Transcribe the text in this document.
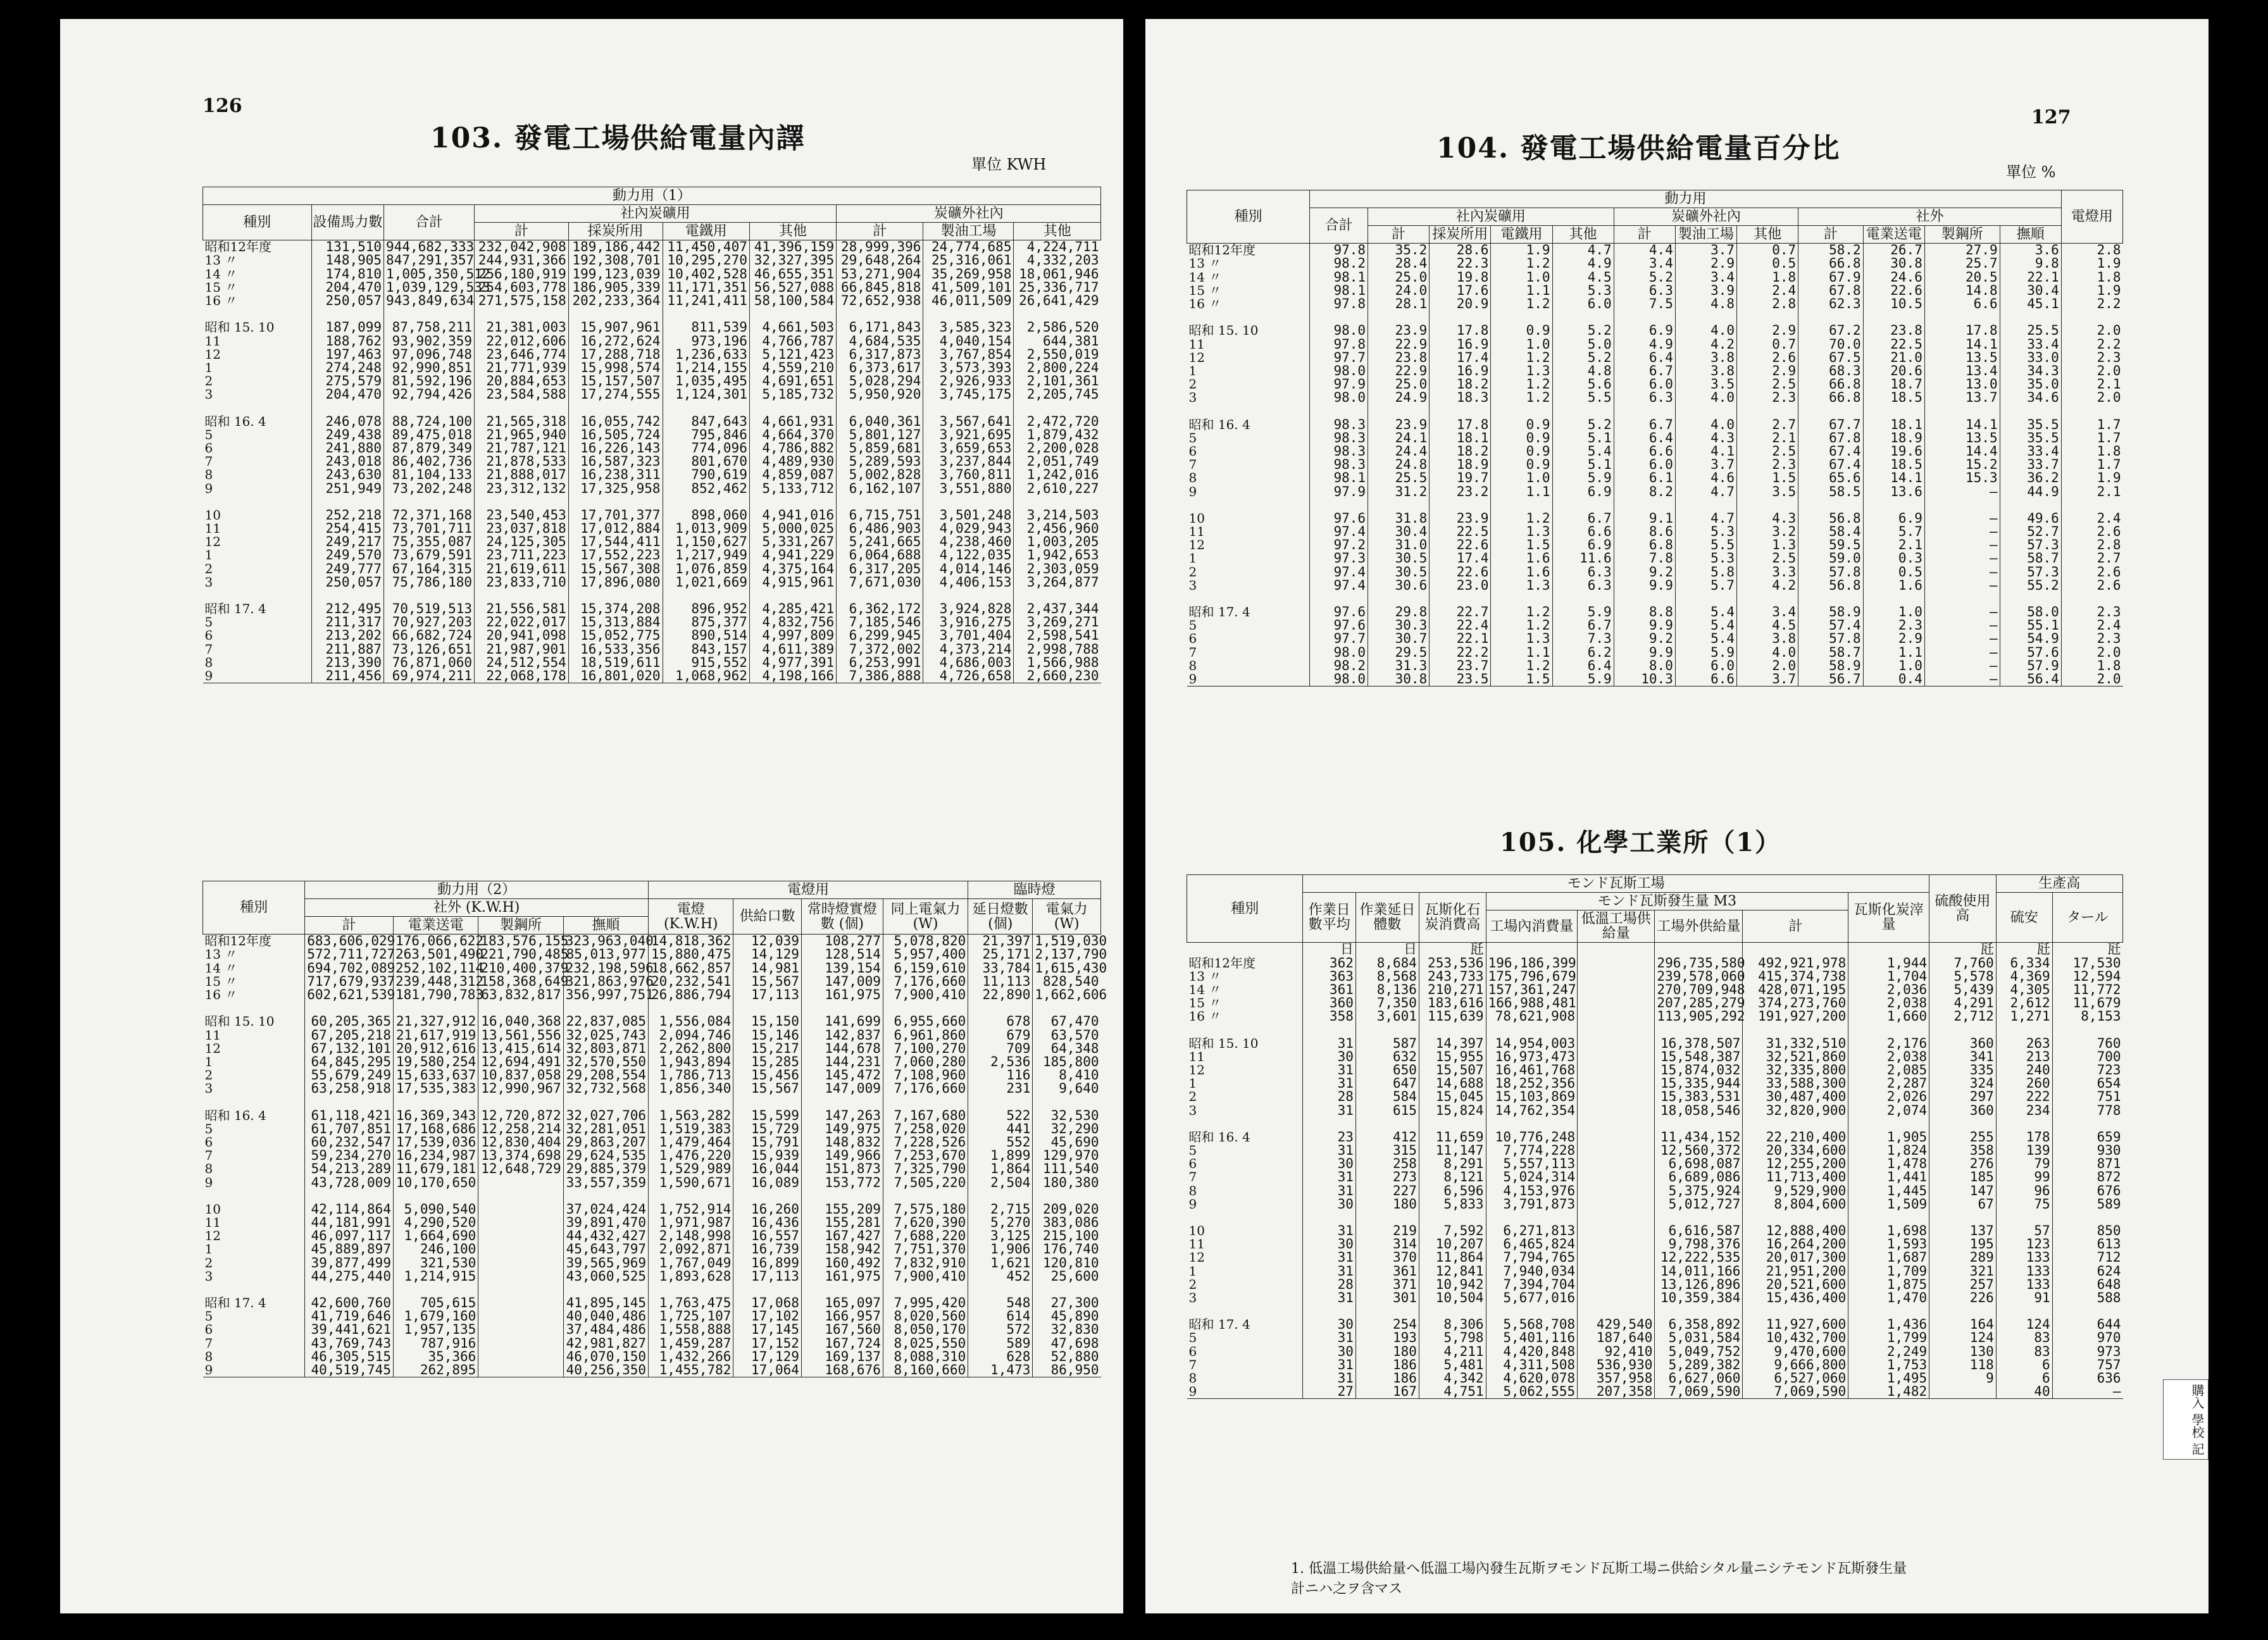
126
103. 發電工場供給電量內譯
單位 KWH
動力用（1）									
種別	設備馬力數	合計	社內炭礦用				炭礦外社內		
			計	採炭所用	電鐵用	其他	計	製油工場	其他
昭和12年度	131,510	944,682,333	232,042,908	189,186,442	11,450,407	41,396,159	28,999,396	24,774,685	4,224,711
13 〃	148,905	847,291,357	244,931,366	192,308,701	10,295,270	32,327,395	29,648,264	25,316,061	4,332,203
14 〃	174,810	1,005,350,512	256,180,919	199,123,039	10,402,528	46,655,351	53,271,904	35,269,958	18,061,946
15 〃	204,470	1,039,129,533	254,603,778	186,905,339	11,171,351	56,527,088	66,845,818	41,509,101	25,336,717
16 〃	250,057	943,849,634	271,575,158	202,233,364	11,241,411	58,100,584	72,652,938	46,011,509	26,641,429

昭和 15. 10	187,099	87,758,211	21,381,003	15,907,961	811,539	4,661,503	6,171,843	3,585,323	2,586,520
11	188,762	93,902,359	22,012,606	16,272,624	973,196	4,766,787	4,684,535	4,040,154	644,381
12	197,463	97,096,748	23,646,774	17,288,718	1,236,633	5,121,423	6,317,873	3,767,854	2,550,019
1	274,248	92,990,851	21,771,939	15,998,574	1,214,155	4,559,210	6,373,617	3,573,393	2,800,224
2	275,579	81,592,196	20,884,653	15,157,507	1,035,495	4,691,651	5,028,294	2,926,933	2,101,361
3	204,470	92,794,426	23,584,588	17,274,555	1,124,301	5,185,732	5,950,920	3,745,175	2,205,745

昭和 16. 4	246,078	88,724,100	21,565,318	16,055,742	847,643	4,661,931	6,040,361	3,567,641	2,472,720
5	249,438	89,475,018	21,965,940	16,505,724	795,846	4,664,370	5,801,127	3,921,695	1,879,432
6	241,880	87,879,349	21,787,121	16,226,143	774,096	4,786,882	5,859,681	3,659,653	2,200,028
7	243,018	86,402,736	21,878,533	16,587,323	801,670	4,489,930	5,289,593	3,237,844	2,051,749
8	243,630	81,104,133	21,888,017	16,238,311	790,619	4,859,087	5,002,828	3,760,811	1,242,016
9	251,949	73,202,248	23,312,132	17,325,958	852,462	5,133,712	6,162,107	3,551,880	2,610,227

10	252,218	72,371,168	23,540,453	17,701,377	898,060	4,941,016	6,715,751	3,501,248	3,214,503
11	254,415	73,701,711	23,037,818	17,012,884	1,013,909	5,000,025	6,486,903	4,029,943	2,456,960
12	249,217	75,355,087	24,125,305	17,544,411	1,150,627	5,331,267	5,241,665	4,238,460	1,003,205
1	249,570	73,679,591	23,711,223	17,552,223	1,217,949	4,941,229	6,064,688	4,122,035	1,942,653
2	249,777	67,164,315	21,619,611	15,567,308	1,076,859	4,375,164	6,317,205	4,014,146	2,303,059
3	250,057	75,786,180	23,833,710	17,896,080	1,021,669	4,915,961	7,671,030	4,406,153	3,264,877

昭和 17. 4	212,495	70,519,513	21,556,581	15,374,208	896,952	4,285,421	6,362,172	3,924,828	2,437,344
5	211,317	70,927,203	22,022,017	15,313,884	875,377	4,832,756	7,185,546	3,916,275	3,269,271
6	213,202	66,682,724	20,941,098	15,052,775	890,514	4,997,809	6,299,945	3,701,404	2,598,541
7	211,887	73,126,651	21,987,901	16,533,356	843,157	4,611,389	7,372,002	4,373,214	2,998,788
8	213,390	76,871,060	24,512,554	18,519,611	915,552	4,977,391	6,253,991	4,686,003	1,566,988
9	211,456	69,974,211	22,068,178	16,801,020	1,068,962	4,198,166	7,386,888	4,726,658	2,660,230
種別	動力用（2）				電燈用				臨時燈	
	社外 (K.W.H)				電燈 (K.W.H)	供給口數	常時燈實燈數 (個)	同上電氣力 (W)	延日燈數 (個)	電氣力 (W)
	計	電業送電	製鋼所	撫順						
昭和12年度	683,606,029	176,066,622	183,576,155	323,963,040	14,818,362	12,039	108,277	5,078,820	21,397	1,519,030
13 〃	572,711,727	263,501,490	221,790,485	85,013,977	15,880,475	14,129	128,514	5,957,400	25,171	2,137,790
14 〃	694,702,089	252,102,114	210,400,379	232,198,596	18,662,857	14,981	139,154	6,159,610	33,784	1,615,430
15 〃	717,679,937	239,448,312	158,368,649	321,863,976	20,232,541	15,567	147,009	7,176,660	11,113	828,540
16 〃	602,621,539	181,790,783	63,832,817	356,997,751	26,886,794	17,113	161,975	7,900,410	22,890	1,662,606

昭和 15. 10	60,205,365	21,327,912	16,040,368	22,837,085	1,556,084	15,150	141,699	6,955,660	678	67,470
11	67,205,218	21,617,919	13,561,556	32,025,743	2,094,746	15,146	142,837	6,961,860	679	63,570
12	67,132,101	20,912,616	13,415,614	32,803,871	2,262,800	15,217	144,678	7,100,270	709	64,348
1	64,845,295	19,580,254	12,694,491	32,570,550	1,943,894	15,285	144,231	7,060,280	2,536	185,800
2	55,679,249	15,633,637	10,837,058	29,208,554	1,786,713	15,456	145,472	7,108,960	116	8,410
3	63,258,918	17,535,383	12,990,967	32,732,568	1,856,340	15,567	147,009	7,176,660	231	9,640

昭和 16. 4	61,118,421	16,369,343	12,720,872	32,027,706	1,563,282	15,599	147,263	7,167,680	522	32,530
5	61,707,851	17,168,686	12,258,214	32,281,051	1,519,383	15,729	149,975	7,258,020	441	32,290
6	60,232,547	17,539,036	12,830,404	29,863,207	1,479,464	15,791	148,832	7,228,526	552	45,690
7	59,234,270	16,234,987	13,374,698	29,624,535	1,476,220	15,939	149,966	7,253,670	1,899	129,970
8	54,213,289	11,679,181	12,648,729	29,885,379	1,529,989	16,044	151,873	7,325,790	1,864	111,540
9	43,728,009	10,170,650		33,557,359	1,590,671	16,089	153,772	7,505,220	2,504	180,380

10	42,114,864	5,090,540		37,024,424	1,752,914	16,260	155,209	7,575,180	2,715	209,020
11	44,181,991	4,290,520		39,891,470	1,971,987	16,436	155,281	7,620,390	5,270	383,086
12	46,097,117	1,664,690		44,432,427	2,148,998	16,557	167,427	7,688,220	3,125	215,100
1	45,889,897	246,100		45,643,797	2,092,871	16,739	158,942	7,751,370	1,906	176,740
2	39,877,499	321,530		39,565,969	1,767,049	16,899	160,492	7,832,910	1,621	120,810
3	44,275,440	1,214,915		43,060,525	1,893,628	17,113	161,975	7,900,410	452	25,600

昭和 17. 4	42,600,760	705,615		41,895,145	1,763,475	17,068	165,097	7,995,420	548	27,300
5	41,719,646	1,679,160		40,040,486	1,725,107	17,102	166,957	8,020,560	614	45,890
6	39,441,621	1,957,135		37,484,486	1,558,888	17,145	167,560	8,050,170	572	32,830
7	43,769,743	787,916		42,981,827	1,459,287	17,152	167,724	8,025,550	589	47,698
8	46,305,515	35,366		46,070,150	1,432,266	17,129	169,137	8,088,310	628	52,880
9	40,519,745	262,895		40,256,350	1,455,782	17,064	168,676	8,160,660	1,473	86,950
127
104. 發電工場供給電量百分比
單位 %
種別	動力用												電燈用
	合計	社內炭礦用				炭礦外社內			社外				
		計	採炭所用	電鐵用	其他	計	製油工場	其他	計	電業送電	製鋼所	撫順	
昭和12年度	97.8	35.2	28.6	1.9	4.7	4.4	3.7	0.7	58.2	26.7	27.9	3.6	2.8
13 〃	98.2	28.4	22.3	1.2	4.9	3.4	2.9	0.5	66.8	30.8	25.7	9.8	1.9
14 〃	98.1	25.0	19.8	1.0	4.5	5.2	3.4	1.8	67.9	24.6	20.5	22.1	1.8
15 〃	98.1	24.0	17.6	1.1	5.3	6.3	3.9	2.4	67.8	22.6	14.8	30.4	1.9
16 〃	97.8	28.1	20.9	1.2	6.0	7.5	4.8	2.8	62.3	10.5	6.6	45.1	2.2

昭和 15. 10	98.0	23.9	17.8	0.9	5.2	6.9	4.0	2.9	67.2	23.8	17.8	25.5	2.0
11	97.8	22.9	16.9	1.0	5.0	4.9	4.2	0.7	70.0	22.5	14.1	33.4	2.2
12	97.7	23.8	17.4	1.2	5.2	6.4	3.8	2.6	67.5	21.0	13.5	33.0	2.3
1	98.0	22.9	16.9	1.3	4.8	6.7	3.8	2.9	68.3	20.6	13.4	34.3	2.0
2	97.9	25.0	18.2	1.2	5.6	6.0	3.5	2.5	66.8	18.7	13.0	35.0	2.1
3	98.0	24.9	18.3	1.2	5.5	6.3	4.0	2.3	66.8	18.5	13.7	34.6	2.0

昭和 16. 4	98.3	23.9	17.8	0.9	5.2	6.7	4.0	2.7	67.7	18.1	14.1	35.5	1.7
5	98.3	24.1	18.1	0.9	5.1	6.4	4.3	2.1	67.8	18.9	13.5	35.5	1.7
6	98.3	24.4	18.2	0.9	5.4	6.6	4.1	2.5	67.4	19.6	14.4	33.4	1.8
7	98.3	24.8	18.9	0.9	5.1	6.0	3.7	2.3	67.4	18.5	15.2	33.7	1.7
8	98.1	25.5	19.7	1.0	5.9	6.1	4.6	1.5	65.6	14.1	15.3	36.2	1.9
9	97.9	31.2	23.2	1.1	6.9	8.2	4.7	3.5	58.5	13.6	—	44.9	2.1

10	97.6	31.8	23.9	1.2	6.7	9.1	4.7	4.3	56.8	6.9	—	49.6	2.4
11	97.4	30.4	22.5	1.3	6.6	8.6	5.3	3.2	58.4	5.7	—	52.7	2.6
12	97.2	31.0	22.6	1.5	6.9	6.8	5.5	1.3	59.5	2.1	—	57.3	2.8
1	97.3	30.5	17.4	1.6	11.6	7.8	5.3	2.5	59.0	0.3	—	58.7	2.7
2	97.4	30.5	22.6	1.6	6.3	9.2	5.8	3.3	57.8	0.5	—	57.3	2.6
3	97.4	30.6	23.0	1.3	6.3	9.9	5.7	4.2	56.8	1.6	—	55.2	2.6

昭和 17. 4	97.6	29.8	22.7	1.2	5.9	8.8	5.4	3.4	58.9	1.0	—	58.0	2.3
5	97.6	30.3	22.4	1.2	6.7	9.9	5.4	4.5	57.4	2.3	—	55.1	2.4
6	97.7	30.7	22.1	1.3	7.3	9.2	5.4	3.8	57.8	2.9	—	54.9	2.3
7	98.0	29.5	22.2	1.1	6.2	9.9	5.9	4.0	58.7	1.1	—	57.6	2.0
8	98.2	31.3	23.7	1.2	6.4	8.0	6.0	2.0	58.9	1.0	—	57.9	1.8
9	98.0	30.8	23.5	1.5	5.9	10.3	6.6	3.7	56.7	0.4	—	56.4	2.0
105. 化學工業所（1）
種別	モンド瓦斯工場								硫酸使用高	生產高	
	作業日數平均	作業延日體數	瓦斯化石炭消費高	モンド瓦斯發生量 M3				瓦斯化炭滓量		硫安	タール
				工場內消費量	低溫工場供給量	工場外供給量	計				
	日	日	瓩						瓩	瓩	瓩
昭和12年度	362	8,684	253,536	196,186,399		296,735,580	492,921,978	1,944	7,760	6,334	17,530
13 〃	363	8,568	243,733	175,796,679		239,578,060	415,374,738	1,704	5,578	4,369	12,594
14 〃	361	8,136	210,271	157,361,247		270,709,948	428,071,195	2,036	5,439	4,305	11,772
15 〃	360	7,350	183,616	166,988,481		207,285,279	374,273,760	2,038	4,291	2,612	11,679
16 〃	358	3,601	115,639	78,621,908		113,905,292	191,927,200	1,660	2,712	1,271	8,153

昭和 15. 10	31	587	14,397	14,954,003		16,378,507	31,332,510	2,176	360	263	760
11	30	632	15,955	16,973,473		15,548,387	32,521,860	2,038	341	213	700
12	31	650	15,507	16,461,768		15,874,032	32,335,800	2,085	335	240	723
1	31	647	14,688	18,252,356		15,335,944	33,588,300	2,287	324	260	654
2	28	584	15,045	15,103,869		15,383,531	30,487,400	2,026	297	222	751
3	31	615	15,824	14,762,354		18,058,546	32,820,900	2,074	360	234	778

昭和 16. 4	23	412	11,659	10,776,248		11,434,152	22,210,400	1,905	255	178	659
5	31	315	11,147	7,774,228		12,560,372	20,334,600	1,824	358	139	930
6	30	258	8,291	5,557,113		6,698,087	12,255,200	1,478	276	79	871
7	31	273	8,121	5,024,314		6,689,086	11,713,400	1,441	185	99	872
8	31	227	6,596	4,153,976		5,375,924	9,529,900	1,445	147	96	676
9	30	180	5,833	3,791,873		5,012,727	8,804,600	1,509	67	75	589

10	31	219	7,592	6,271,813		6,616,587	12,888,400	1,698	137	57	850
11	30	314	10,207	6,465,824		9,798,376	16,264,200	1,593	195	123	613
12	31	370	11,864	7,794,765		12,222,535	20,017,300	1,687	289	133	712
1	31	361	12,841	7,940,034		14,011,166	21,951,200	1,709	321	133	624
2	28	371	10,942	7,394,704		13,126,896	20,521,600	1,875	257	133	648
3	31	301	10,504	5,677,016		10,359,384	15,436,400	1,470	226	91	588

昭和 17. 4	30	254	8,306	5,568,708	429,540	6,358,892	11,927,600	1,436	164	124	644
5	31	193	5,798	5,401,116	187,640	5,031,584	10,432,700	1,799	124	83	970
6	30	180	4,211	4,420,848	92,410	5,049,752	9,470,600	2,249	130	83	973
7	31	186	5,481	4,311,508	536,930	5,289,382	9,666,800	1,753	118	6	757
8	31	186	4,342	4,620,078	357,958	6,627,060	6,527,060	1,495	9	6	636
9	27	167	4,751	5,062,555	207,358	7,069,590	7,069,590	1,482		40	—
1. 低溫工場供給量ヘ低溫工場內發生瓦斯ヲモンド瓦斯工場ニ供給シタル量ニシテモンド瓦斯發生量
計ニハ之ヲ含マス
購入 學校 記
